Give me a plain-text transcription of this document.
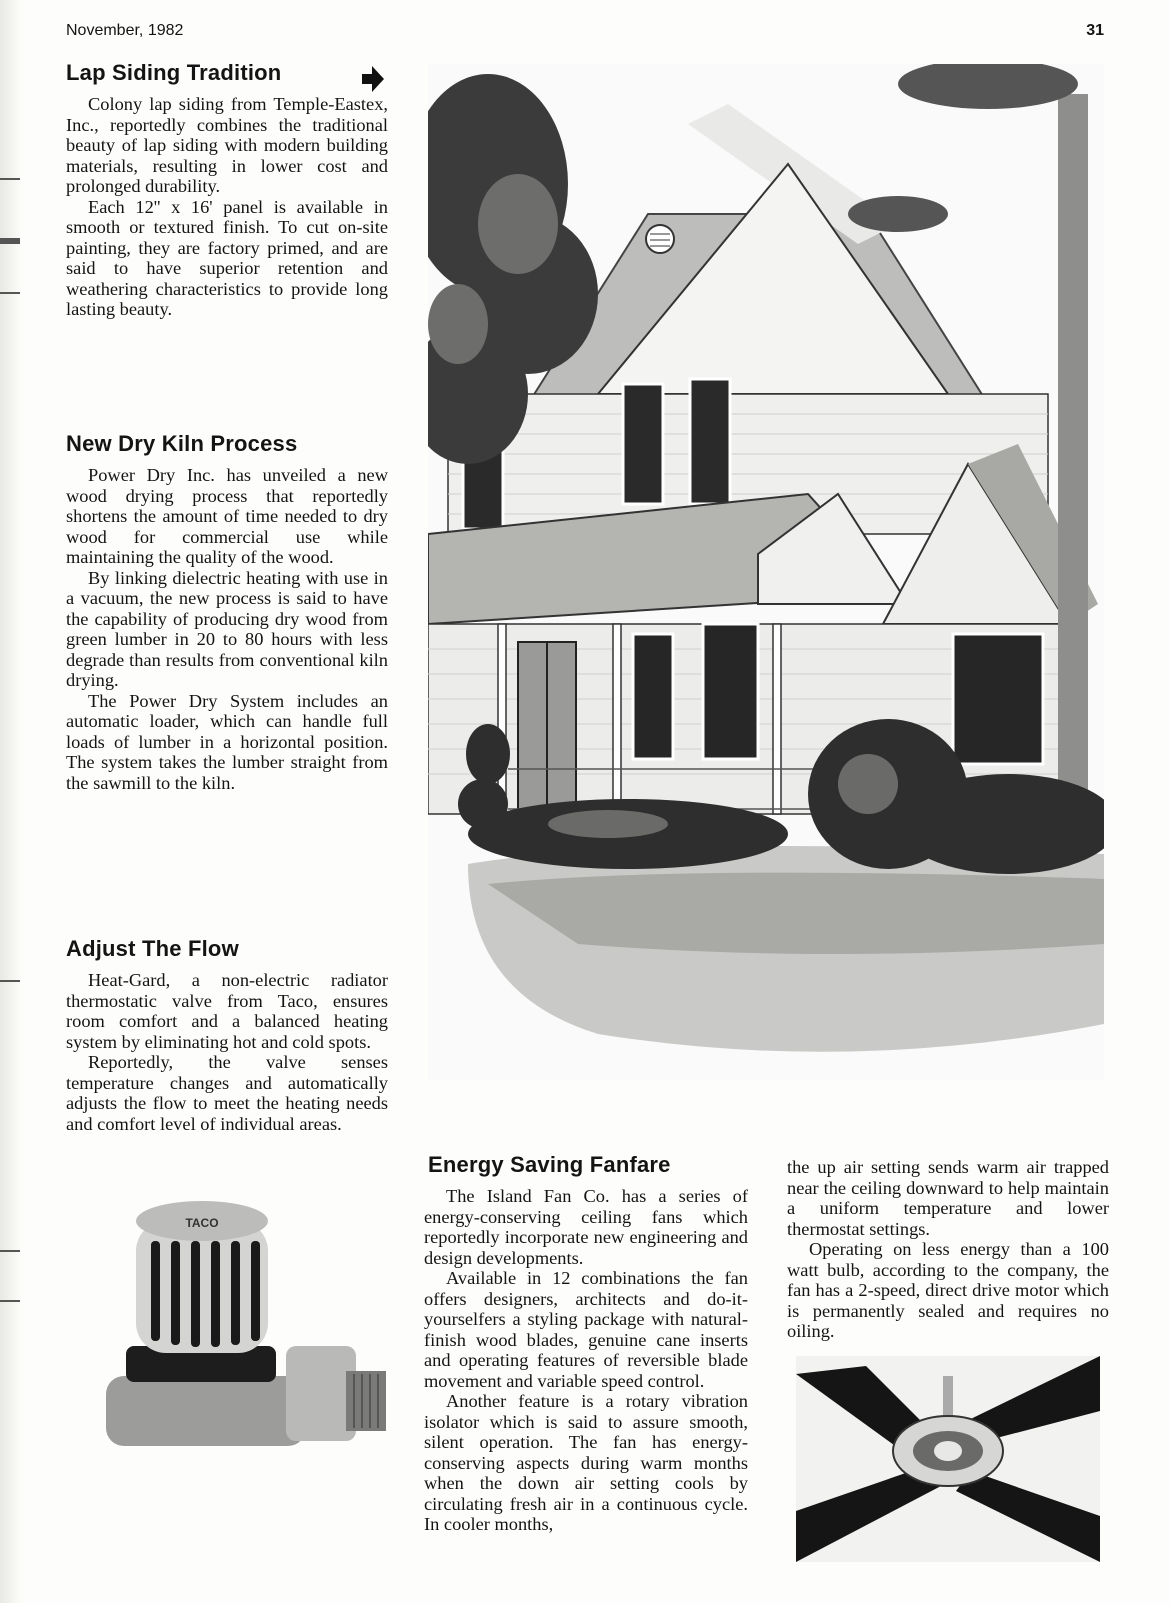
November, 1982	31
Lap Siding Tradition

Colony lap siding from Temple-Eastex, Inc., reportedly combines the traditional beauty of lap siding with modern building materials, resulting in lower cost and prolonged durability.

Each 12'' x 16' panel is available in smooth or textured finish. To cut on-site painting, they are factory primed, and are said to have superior retention and weathering characteristics to provide long lasting beauty.

New Dry Kiln Process

Power Dry Inc. has unveiled a new wood drying process that reportedly shortens the amount of time needed to dry wood for commercial use while maintaining the quality of the wood.

By linking dielectric heating with use in a vacuum, the new process is said to have the capability of producing dry wood from green lumber in 20 to 80 hours with less degrade than results from conventional kiln drying.

The Power Dry System includes an automatic loader, which can handle full loads of lumber in a horizontal position. The system takes the lumber straight from the sawmill to the kiln.

Adjust The Flow

Heat-Gard, a non-electric radiator thermostatic valve from Taco, ensures room comfort and a balanced heating system by eliminating hot and cold spots.

Reportedly, the valve senses temperature changes and automatically adjusts the flow to meet the heating needs and comfort level of individual areas.

Energy Saving Fanfare

The Island Fan Co. has a series of energy-conserving ceiling fans which reportedly incorporate new engineering and design developments.

Available in 12 combinations the fan offers designers, architects and do-it-yourselfers a styling package with natural-finish wood blades, genuine cane inserts and operating features of reversible blade movement and variable speed control.

Another feature is a rotary vibration isolator which is said to assure smooth, silent operation. The fan has energy-conserving aspects during warm months when the down air setting cools by circulating fresh air in a continuous cycle. In cooler months,

the up air setting sends warm air trapped near the ceiling downward to help maintain a uniform temperature and lower thermostat settings.

Operating on less energy than a 100 watt bulb, according to the company, the fan has a 2-speed, direct drive motor which is permanently sealed and requires no oiling.

TACO
